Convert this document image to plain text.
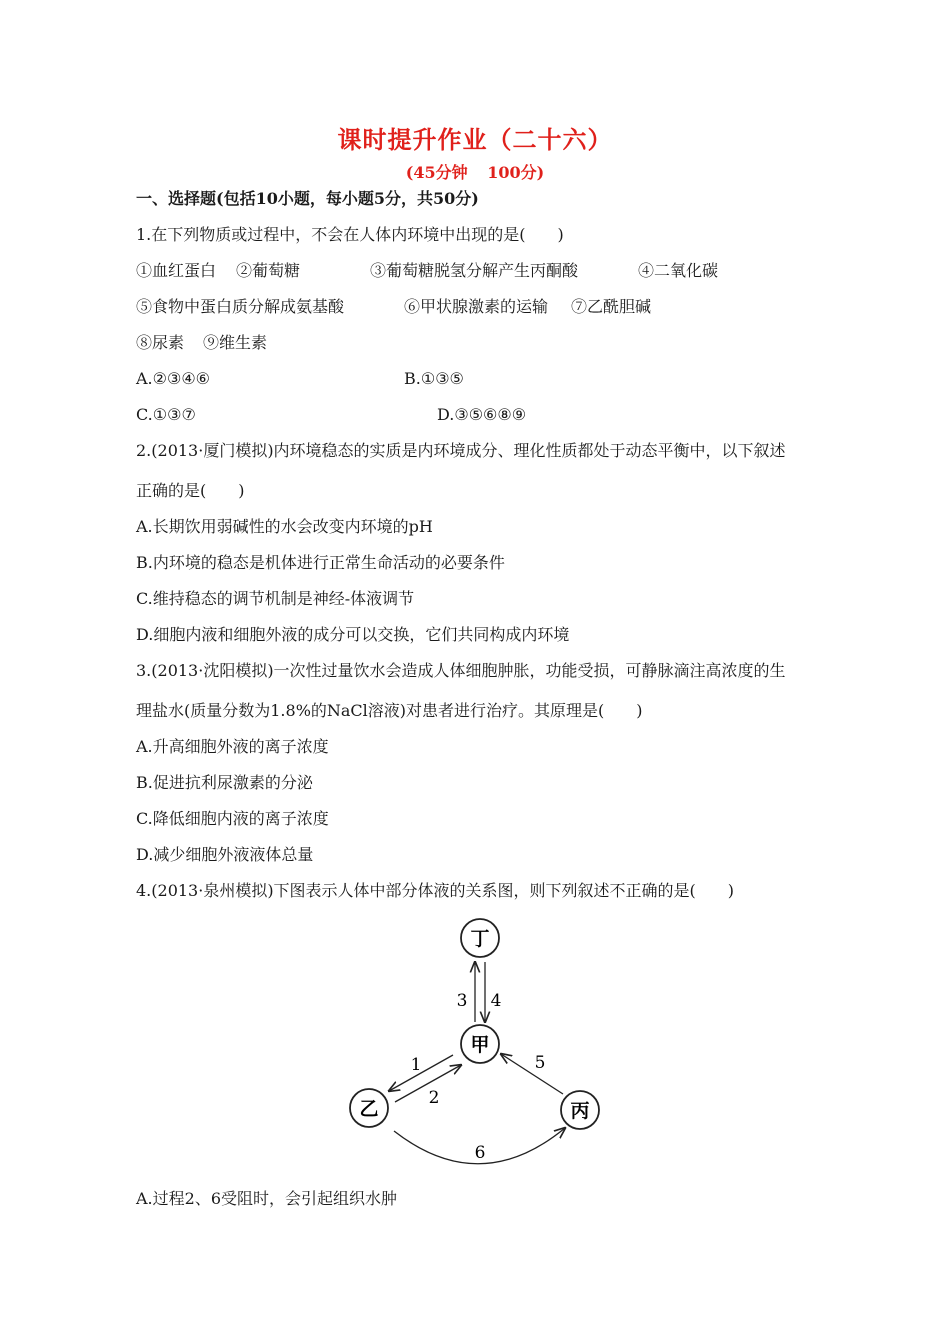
课时提升作业（二十六）
(45分钟 100分)
一、选择题(包括10小题，每小题5分，共50分)
1.在下列物质或过程中，不会在人体内环境中出现的是(　　)
①血红蛋白 ②葡萄糖	③葡萄糖脱氢分解产生丙酮酸	④二氧化碳
⑤食物中蛋白质分解成氨基酸	⑥甲状腺激素的运输 ⑦乙酰胆碱
⑧尿素 ⑨维生素
A.②③④⑥	B.①③⑤
C.①③⑦	D.③⑤⑥⑧⑨
2.(2013·厦门模拟)内环境稳态的实质是内环境成分、理化性质都处于动态平衡中，以下叙述
正确的是(　　)
A.长期饮用弱碱性的水会改变内环境的pH
B.内环境的稳态是机体进行正常生命活动的必要条件
C.维持稳态的调节机制是神经-体液调节
D.细胞内液和细胞外液的成分可以交换，它们共同构成内环境
3.(2013·沈阳模拟)一次性过量饮水会造成人体细胞肿胀，功能受损，可静脉滴注高浓度的生
理盐水(质量分数为1.8%的NaCl溶液)对患者进行治疗。其原理是(　　)
A.升高细胞外液的离子浓度
B.促进抗利尿激素的分泌
C.降低细胞内液的离子浓度
D.减少细胞外液液体总量
4.(2013·泉州模拟)下图表示人体中部分体液的关系图，则下列叙述不正确的是(　　)
丁
甲
乙	丙
3 4
1
2
5
6
A.过程2、6受阻时，会引起组织水肿
